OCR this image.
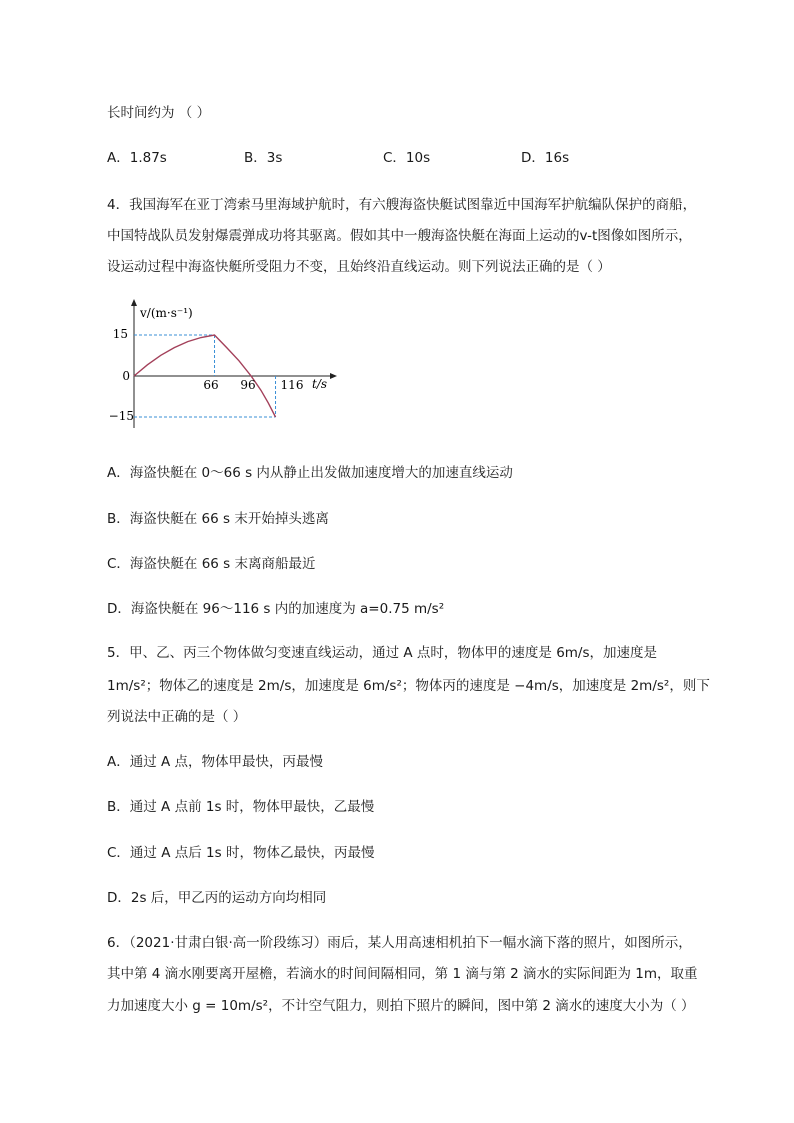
长时间约为 （ ）
A．1.87s	B．3s	C．10s	D．16s
4．我国海军在亚丁湾索马里海域护航时，有六艘海盗快艇试图靠近中国海军护航编队保护的商船，
中国特战队员发射爆震弹成功将其驱离。假如其中一艘海盗快艇在海面上运动的v-t图像如图所示，
设运动过程中海盗快艇所受阻力不变，且始终沿直线运动。则下列说法正确的是（ ）
v/(m·s⁻¹)
t/s
15
0
−15
66 96 116
A．海盗快艇在 0～66 s 内从静止出发做加速度增大的加速直线运动
B．海盗快艇在 66 s 末开始掉头逃离
C．海盗快艇在 66 s 末离商船最近
D．海盗快艇在 96～116 s 内的加速度为 a=0.75 m/s²
5．甲、乙、丙三个物体做匀变速直线运动，通过 A 点时，物体甲的速度是 6m/s，加速度是
1m/s²；物体乙的速度是 2m/s，加速度是 6m/s²；物体丙的速度是 −4m/s，加速度是 2m/s²，则下
列说法中正确的是（ ）
A．通过 A 点，物体甲最快，丙最慢
B．通过 A 点前 1s 时，物体甲最快，乙最慢
C．通过 A 点后 1s 时，物体乙最快，丙最慢
D．2s 后，甲乙丙的运动方向均相同
6．（2021·甘肃白银·高一阶段练习）雨后，某人用高速相机拍下一幅水滴下落的照片，如图所示，
其中第 4 滴水刚要离开屋檐，若滴水的时间间隔相同，第 1 滴与第 2 滴水的实际间距为 1m，取重
力加速度大小 g = 10m/s²，不计空气阻力，则拍下照片的瞬间，图中第 2 滴水的速度大小为（ ）
